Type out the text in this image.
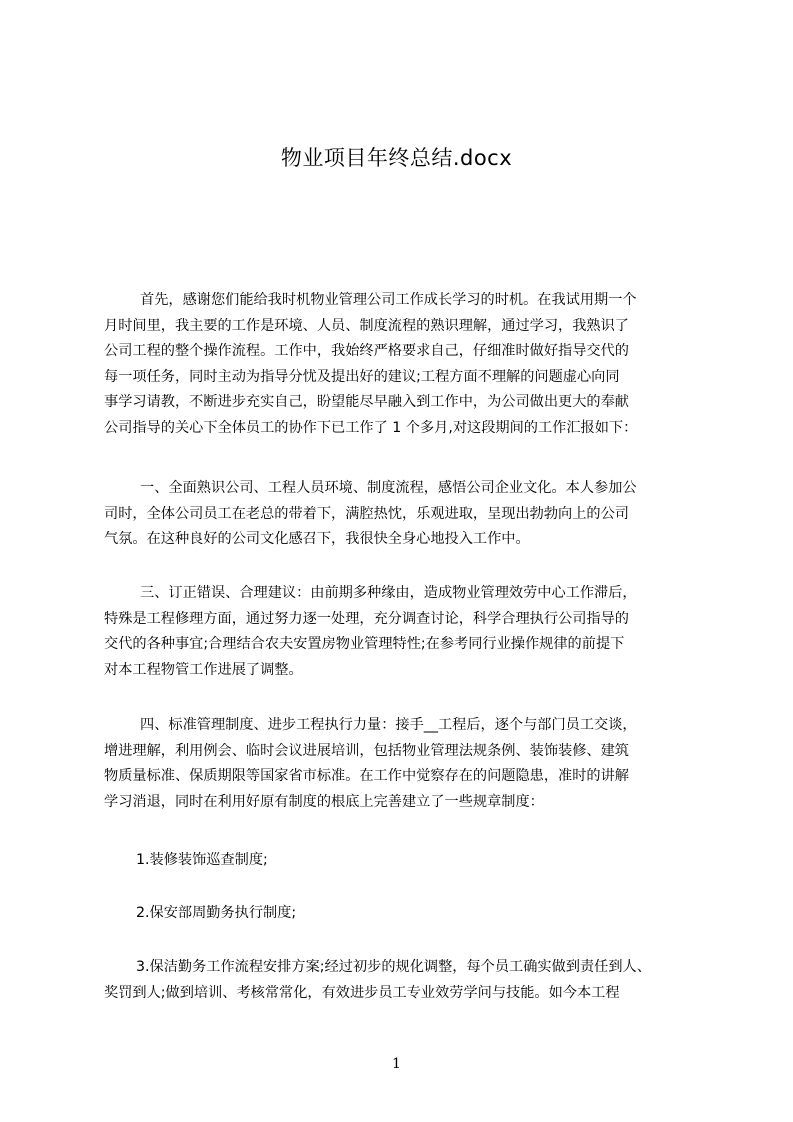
物业项目年终总结.docx
首先，感谢您们能给我时机物业管理公司工作成长学习的时机。在我试用期一个
月时间里，我主要的工作是环境、人员、制度流程的熟识理解，通过学习，我熟识了
公司工程的整个操作流程。工作中，我始终严格要求自己，仔细准时做好指导交代的
每一项任务，同时主动为指导分忧及提出好的建议;工程方面不理解的问题虚心向同
事学习请教，不断进步充实自己，盼望能尽早融入到工作中，为公司做出更大的奉献
公司指导的关心下全体员工的协作下已工作了 1 个多月,对这段期间的工作汇报如下：
一、全面熟识公司、工程人员环境、制度流程，感悟公司企业文化。本人参加公
司时，全体公司员工在老总的带着下，满腔热忱，乐观进取，呈现出勃勃向上的公司
气氛。在这种良好的公司文化感召下，我很快全身心地投入工作中。
三、订正错误、合理建议：由前期多种缘由，造成物业管理效劳中心工作滞后，
特殊是工程修理方面，通过努力逐一处理，充分调查讨论，科学合理执行公司指导的
交代的各种事宜;合理结合农夫安置房物业管理特性;在参考同行业操作规律的前提下
对本工程物管工作进展了调整。
四、标准管理制度、进步工程执行力量：接手__工程后，逐个与部门员工交谈，
增进理解，利用例会、临时会议进展培训，包括物业管理法规条例、装饰装修、建筑
物质量标准、保质期限等国家省市标准。在工作中觉察存在的问题隐患，准时的讲解
学习消退，同时在利用好原有制度的根底上完善建立了一些规章制度：
1.装修装饰巡查制度;
2.保安部周勤务执行制度;
3.保洁勤务工作流程安排方案;经过初步的规化调整，每个员工确实做到责任到人、
奖罚到人;做到培训、考核常常化，有效进步员工专业效劳学问与技能。如今本工程
1
